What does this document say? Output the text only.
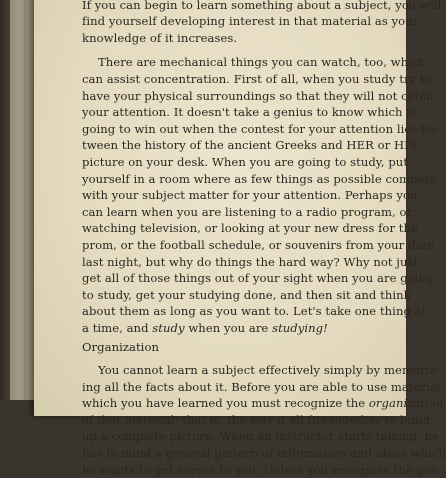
If you can begin to learn something about a subject, you will
find yourself developing interest in that material as your
knowledge of it increases.
There are mechanical things you can watch, too, which
can assist concentration. First of all, when you study try to
have your physical surroundings so that they will not catch
your attention. It doesn't take a genius to know which is
going to win out when the contest for your attention lies be-
tween the history of the ancient Greeks and HER or HIS
picture on your desk. When you are going to study, put
yourself in a room where as few things as possible compete
with your subject matter for your attention. Perhaps you
can learn when you are listening to a radio program, or
watching television, or looking at your new dress for the
prom, or the football schedule, or souvenirs from your date
last night, but why do things the hard way? Why not just
get all of those things out of your sight when you are going
to study, get your studying done, and then sit and think
about them as long as you want to. Let's take one thing at
a time, and study when you are studying!
Organization
You cannot learn a subject effectively simply by memoriz-
ing all the facts about it. Before you are able to use material
which you have learned you must recognize the organization
of that material; that is, the way it all fits together to build
up a complete picture. When an instructor starts talking, he
has in mind a general pattern of information and ideas which
he wants to get across to you. Unless you recognize the gen-
